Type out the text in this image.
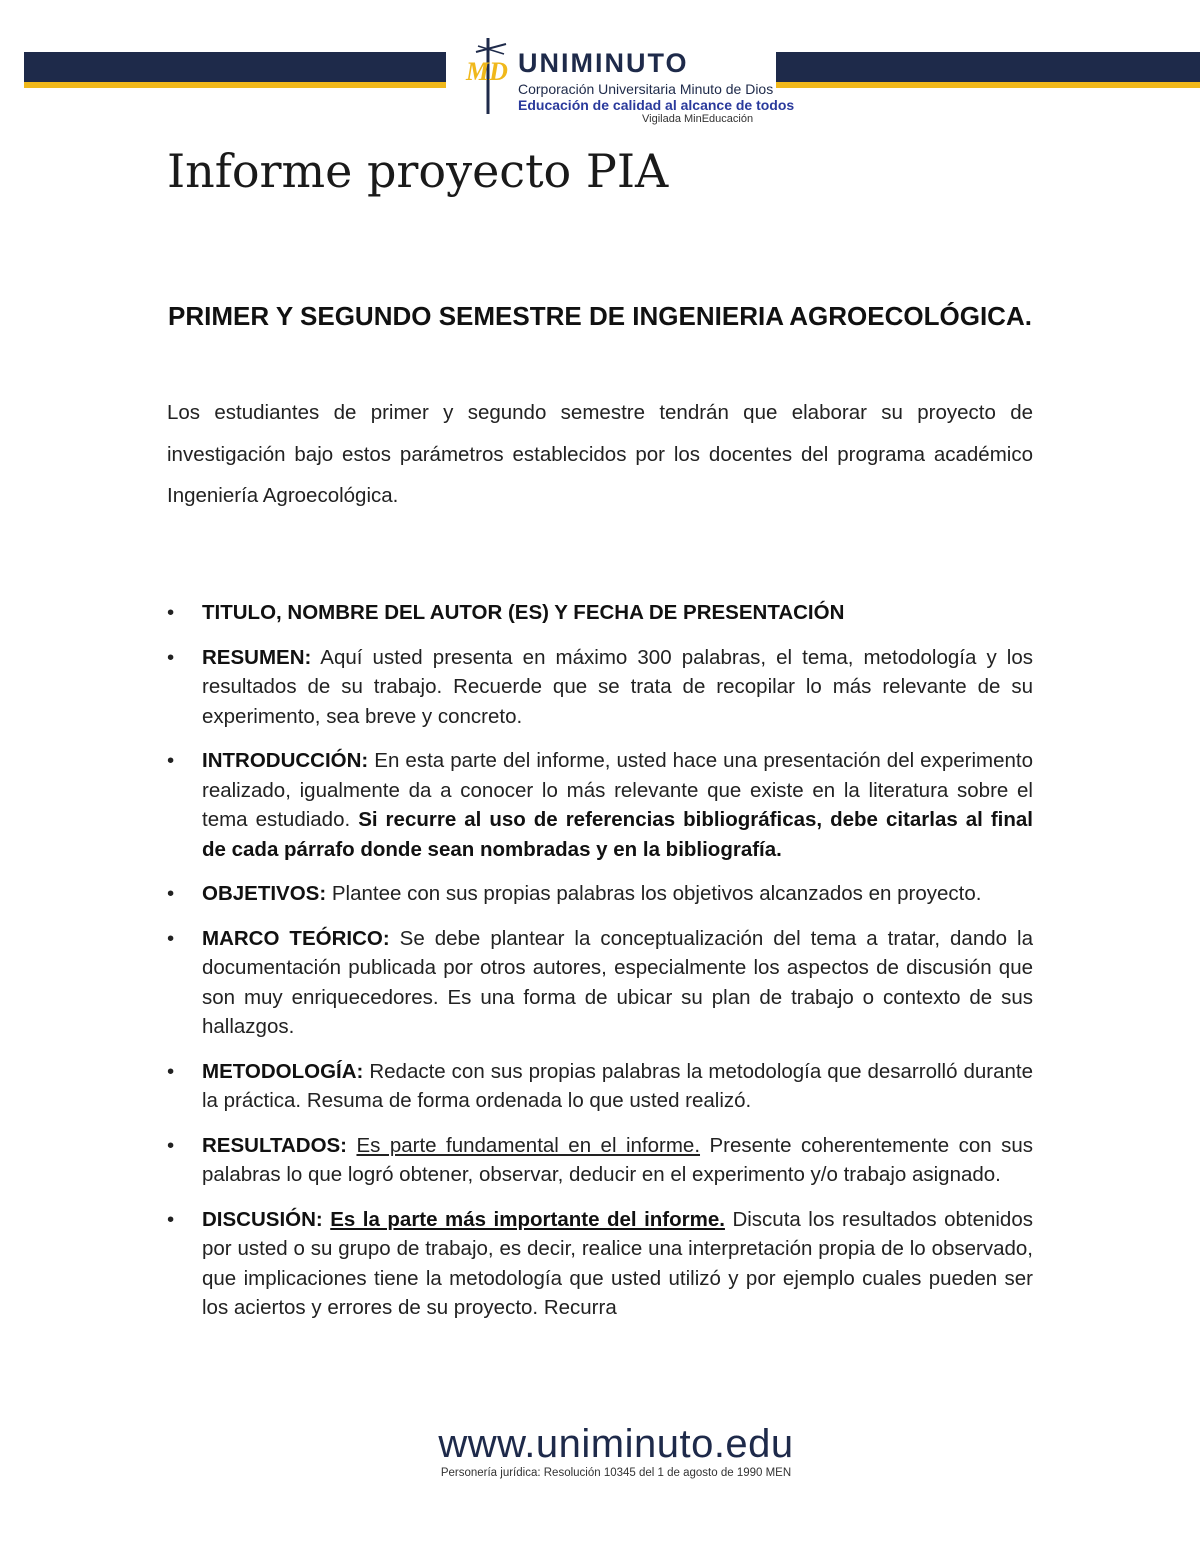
MD UNIMINUTO
Corporación Universitaria Minuto de Dios
Educación de calidad al alcance de todos
Vigilada MinEducación
Informe proyecto PIA
PRIMER Y SEGUNDO SEMESTRE DE INGENIERIA AGROECOLÓGICA.

Los estudiantes de primer y segundo semestre tendrán que elaborar su proyecto de investigación bajo estos parámetros establecidos por los docentes del programa académico Ingeniería Agroecológica.

•	TITULO, NOMBRE DEL AUTOR (ES) Y FECHA DE PRESENTACIÓN
•	RESUMEN: Aquí usted presenta en máximo 300 palabras, el tema, metodología y los resultados de su trabajo. Recuerde que se trata de recopilar lo más relevante de su experimento, sea breve y concreto.
•	INTRODUCCIÓN: En esta parte del informe, usted hace una presentación del experimento realizado, igualmente da a conocer lo más relevante que existe en la literatura sobre el tema estudiado. Si recurre al uso de referencias bibliográficas, debe citarlas al final de cada párrafo donde sean nombradas y en la bibliografía.
•	OBJETIVOS: Plantee con sus propias palabras los objetivos alcanzados en proyecto.
•	MARCO TEÓRICO: Se debe plantear la conceptualización del tema a tratar, dando la documentación publicada por otros autores, especialmente los aspectos de discusión que son muy enriquecedores. Es una forma de ubicar su plan de trabajo o contexto de sus hallazgos.
•	METODOLOGÍA: Redacte con sus propias palabras la metodología que desarrolló durante la práctica. Resuma de forma ordenada lo que usted realizó.
•	RESULTADOS: Es parte fundamental en el informe. Presente coherentemente con sus palabras lo que logró obtener, observar, deducir en el experimento y/o trabajo asignado.
•	DISCUSIÓN: Es la parte más importante del informe. Discuta los resultados obtenidos por usted o su grupo de trabajo, es decir, realice una interpretación propia de lo observado, que implicaciones tiene la metodología que usted utilizó y por ejemplo cuales pueden ser los aciertos y errores de su proyecto. Recurra
www.uniminuto.edu
Personería jurídica: Resolución 10345 del 1 de agosto de 1990 MEN
